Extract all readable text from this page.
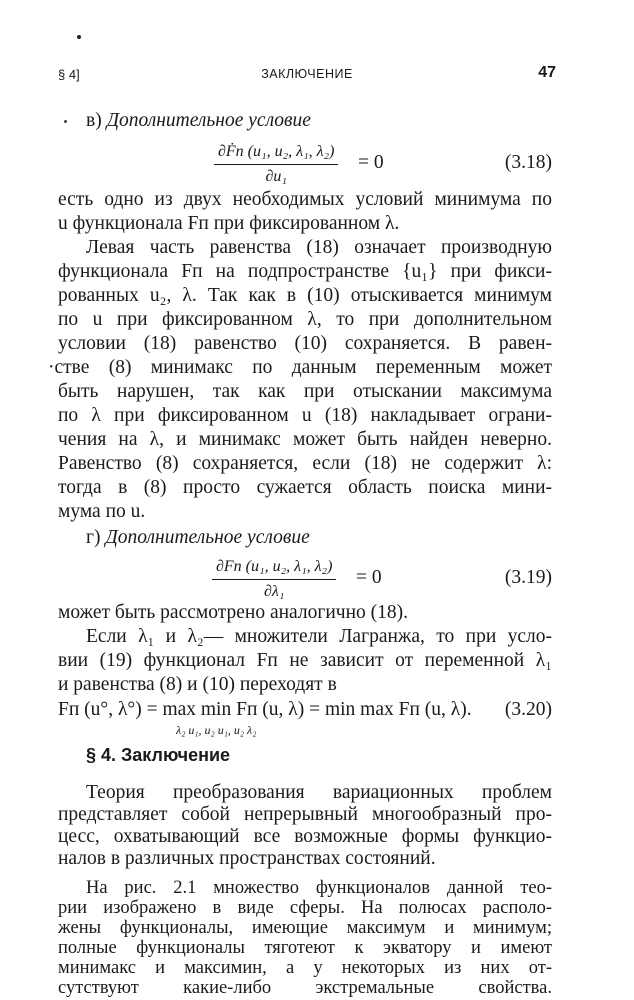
§ 4]	ЗАКЛЮЧЕНИЕ	47
в) Дополнительное условие
∂Ḟп (u₁, u₂, λ₁, λ₂)
∂u₁
= 0	(3.18)
есть одно из двух необходимых условий минимума по
u функционала Fп при фиксированном λ.
Левая часть равенства (18) означает производную
функционала Fп на подпространстве {u₁} при фикси-
рованных u₂, λ. Так как в (10) отыскивается минимум
по u при фиксированном λ, то при дополнительном
условии (18) равенство (10) сохраняется. В равен-
·стве (8) минимакс по данным переменным может
быть нарушен, так как при отыскании максимума
по λ при фиксированном u (18) накладывает ограни-
чения на λ, и минимакс может быть найден неверно.
Равенство (8) сохраняется, если (18) не содержит λ:
тогда в (8) просто сужается область поиска мини-
мума по u.
г) Дополнительное условие
∂Fп (u₁, u₂, λ₁, λ₂)
∂λ₁
= 0	(3.19)
может быть рассмотрено аналогично (18).
Если λ₁ и λ₂— множители Лагранжа, то при усло-
вии (19) функционал Fп не зависит от переменной λ₁
и равенства (8) и (10) переходят в
Fп (u°, λ°) = max min Fп (u, λ) = min max Fп (u, λ).
λ₂ u₁, u₂ u₁, u₂ λ₂
(3.20)
§ 4. Заключение
Теория преобразования вариационных проблем
представляет собой непрерывный многообразный про-
цесс, охватывающий все возможные формы функцио-
налов в различных пространствах состояний.
На рис. 2.1 множество функционалов данной тео-
рии изображено в виде сферы. На полюсах располо-
жены функционалы, имеющие максимум и минимум;
полные функционалы тяготеют к экватору и имеют
минимакс и максимин, а у некоторых из них от-
сутствуют какие-либо экстремальные свойства.
